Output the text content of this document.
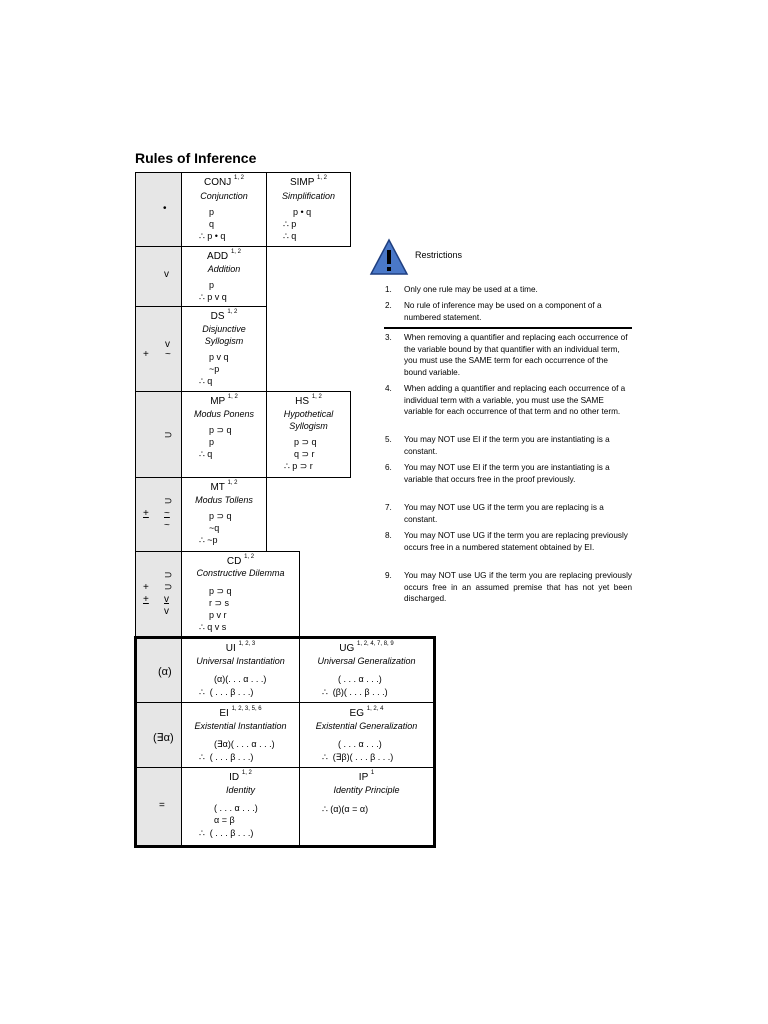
Rules of Inference
•
v
v
+ ~
⊃
⊃
+ ~
~
⊃
+ ⊃
+ v
v
(α)
(∃α)
=
CONJ $^{1, 2}$
Conjunction
p
q
∴ p • q
SIMP $^{1, 2}$
Simplification
p • q
∴ p
∴ q
ADD $^{1, 2}$
Addition
p
∴ p v q
DS $^{1, 2}$
Disjunctive
Syllogism
p v q
~p
∴ q
MP $^{1, 2}$
Modus Ponens
p ⊃ q
p
∴ q
HS $^{1, 2}$
Hypothetical
Syllogism
p ⊃ q
q ⊃ r
∴ p ⊃ r
MT $^{1, 2}$
Modus Tollens
p ⊃ q
~q
∴ ~p
CD $^{1, 2}$
Constructive Dilemma
p ⊃ q
r ⊃ s
p v r
∴ q v s
UI $^{1, 2, 3}$
Universal Instantiation
(α)(. . . α . . .)
∴  ( . . . β . . .)
UG $^{1, 2, 4, 7, 8, 9}$
Universal Generalization
( . . . α . . .)
∴  (β)( . . . β . . .)
EI $^{1, 2, 3, 5, 6}$
Existential Instantiation
(∃α)( . . . α . . .)
∴  ( . . . β . . .)
EG $^{1, 2, 4}$
Existential Generalization
( . . . α . . .)
∴  (∃β)( . . . β . . .)
ID $^{1, 2}$
Identity
( . . . α . . .)
α = β
∴  ( . . . β . . .)
IP $^1$
Identity Principle
∴ (α)(α = α)
Restrictions
1. Only one rule may be used at a time.
2. No rule of inference may be used on a component of a numbered statement.
3. When removing a quantifier and replacing each occurrence of the variable bound by that quantifier with an individual term, you must use the SAME term for each occurrence of the bound variable.
4. When adding a quantifier and replacing each occurrence of a individual term with a variable, you must use the SAME variable for each occurrence of that term and no other term.
5. You may NOT use EI if the term you are instantiating is a constant.
6. You may NOT use EI if the term you are instantiating is a variable that occurs free in the proof previously.
7. You may NOT use UG if the term you are replacing is a constant.
8. You may NOT use UG if the term you are replacing previously occurs free in a numbered statement obtained by EI.
9. You may NOT use UG if the term you are replacing previously occurs free in an assumed premise that has not yet been discharged.
